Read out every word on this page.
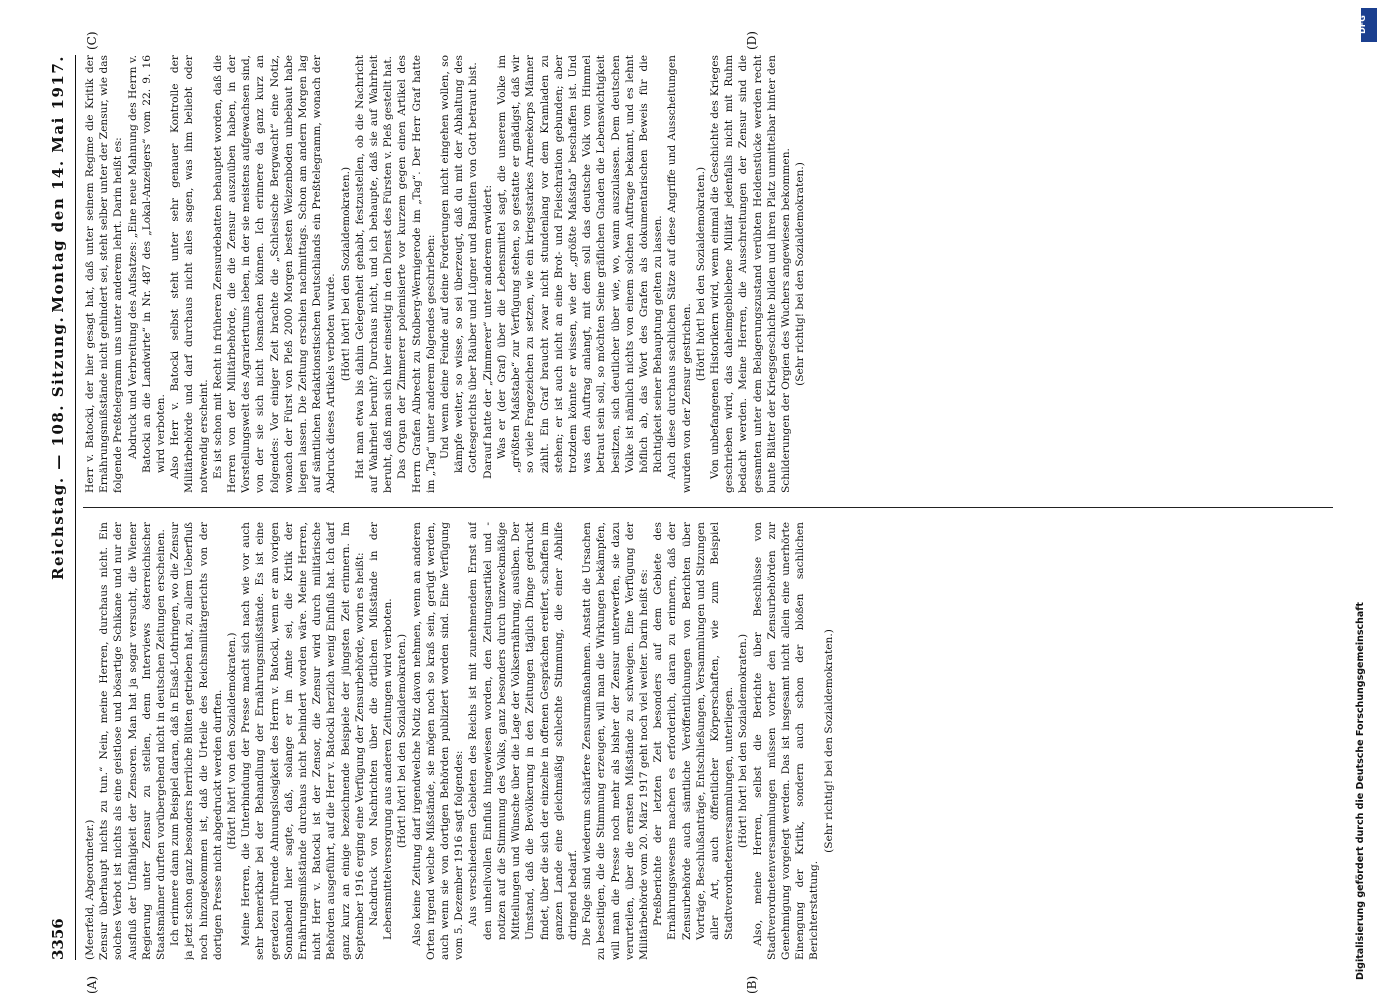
3356
Reichstag. — 108. Sitzung.
Montag den 14. Mai 1917.
(A)	(B)
(C)	(D)

(Meerfeld, Abgeordneter.) Zensur überhaupt nichts zu tun.“ Nein, meine Herren, durchaus nicht. Ein solches Verbot ist nichts als eine geistlose und bösartige Schikane und nur der Ausfluß der Unfähigkeit der Zensoren. Man hat ja sogar versucht, die Wiener Regierung unter Zensur zu stellen, denn Interviews österreichischer Staatsmänner durften vorübergehend nicht in deutschen Zeitungen erscheinen. Ich erinnere dann zum Beispiel daran, daß in Elsaß-Lothringen, wo die Zensur ja jetzt schon ganz besonders herrliche Blüten getrieben hat, zu allem Ueberfluß noch hinzugekommen ist, daß die Urteile des Reichsmilitärgerichts von der dortigen Presse nicht abgedruckt werden durften. (Hört! hört! von den Sozialdemokraten.) Meine Herren, die Unterbindung der Presse macht sich nach wie vor auch sehr bemerkbar bei der Behandlung der Ernährungsmißstände. Es ist eine geradezu rührende Ahnungslosigkeit des Herrn v. Batocki, wenn er am vorigen Sonnabend hier sagte, daß, solange er im Amte sei, die Kritik der Ernährungsmißstände durchaus nicht behindert worden wäre. Meine Herren, nicht Herr v. Batocki ist der Zensor, die Zensur wird durch militärische Behörden ausgeführt, auf die Herr v. Batocki herzlich wenig Einfluß hat. Ich darf ganz kurz an einige bezeichnende Beispiele der jüngsten Zeit erinnern. Im September 1916 erging eine Verfügung der Zensurbehörde, worin es heißt: Nachdruck von Nachrichten über die örtlichen Mißstände in der Lebensmittelversorgung aus anderen Zeitungen wird verboten. (Hört! hört! bei den Sozialdemokraten.) Also keine Zeitung darf irgendwelche Notiz davon nehmen, wenn an anderen Orten irgend welche Mißstände, sie mögen noch so kraß sein, gerügt werden, auch wenn sie von dortigen Behörden publiziert worden sind. Eine Verfügung vom 5. Dezember 1916 sagt folgendes: Aus verschiedenen Gebieten des Reichs ist mit zunehmendem Ernst auf den unheilvollen Einfluß hingewiesen worden, den Zeitungsartikel und -notizen auf die Stimmung des Volks, ganz besonders durch unzweckmäßige Mitteilungen und Wünsche über die Lage der Volksernährung, ausüben. Der Umstand, daß die Bevölkerung in den Zeitungen täglich Dinge gedruckt findet, über die sich der einzelne in offenen Gesprächen ereifert, schaffen im ganzen Lande eine gleichmäßig schlechte Stimmung, die einer Abhilfe dringend bedarf. Die Folge sind wiederum schärfere Zensurmaßnahmen. Anstatt die Ursachen zu beseitigen, die die Stimmung erzeugen, will man die Wirkungen bekämpfen, will man die Presse noch mehr als bisher der Zensur unterwerfen, sie dazu verurteilen, über die ernsten Mißstände zu schweigen. Eine Verfügung der Militärbehörde vom 20. März 1917 geht noch viel weiter. Darin heißt es: Preßberichte der letzten Zeit besonders auf dem Gebiete des Ernährungswesens machen es erforderlich, daran zu erinnern, daß der Zensurbehörde auch sämtliche Veröffentlichungen von Berichten über Vorträge, Beschlußanträge, Entschließungen, Versammlungen und Sitzungen aller Art, auch öffentlicher Körperschaften, wie zum Beispiel Stadtverordnetenversammlungen, unterliegen. (Hört! hört! bei den Sozialdemokraten.) Also, meine Herren, selbst die Berichte über Beschlüsse von Stadtverordnetenversammlungen müssen vorher den Zensurbehörden zur Genehmigung vorgelegt werden. Das ist insgesamt nicht allein eine unerhörte Einengung der Kritik, sondern auch schon der bloßen sachlichen Berichterstattung.

(Sehr richtig! bei den Sozialdemokraten.)

Herr v. Batocki, der hier gesagt hat, daß unter seinem Regime die Kritik der Ernährungsmißstände nicht gehindert sei, steht selber unter der Zensur, wie das folgende Preßtelegramm uns unter anderem lehrt. Darin heißt es: Abdruck und Verbreitung des Aufsatzes: „Eine neue Mahnung des Herrn v. Batocki an die Landwirte“ in Nr. 487 des „Lokal-Anzeigers“ vom 22. 9. 16 wird verboten. Also Herr v. Batocki selbst steht unter sehr genauer Kontrolle der Militärbehörde und darf durchaus nicht alles sagen, was ihm beliebt oder notwendig erscheint. Es ist schon mit Recht in früheren Zensurdebatten behauptet worden, daß die Herren von der Militärbehörde, die die Zensur auszuüben haben, in der Vorstellungswelt des Agrariertums leben, in der sie meistens aufgewachsen sind, von der sie sich nicht losmachen können. Ich erinnere da ganz kurz an folgendes: Vor einiger Zeit brachte die „Schlesische Bergwacht“ eine Notiz, wonach der Fürst von Pleß 2000 Morgen besten Weizenboden unbebaut habe liegen lassen. Die Zeitung erschien nachmittags. Schon am andern Morgen lag auf sämtlichen Redaktionstischen Deutschlands ein Preßtelegramm, wonach der Abdruck dieses Artikels verboten wurde. (Hört! hört! bei den Sozialdemokraten.) Hat man etwa bis dahin Gelegenheit gehabt, festzustellen, ob die Nachricht auf Wahrheit beruht? Durchaus nicht, und ich behaupte, daß sie auf Wahrheit beruht, daß man sich hier einseitig in den Dienst des Fürsten v. Pleß gestellt hat. Das Organ der Zimmerer polemisierte vor kurzem gegen einen Artikel des Herrn Grafen Albrecht zu Stolberg-Wernigerode im „Tag“. Der Herr Graf hatte im „Tag“ unter anderem folgendes geschrieben: Und wenn deine Feinde auf deine Forderungen nicht eingehen wollen, so kämpfe weiter, so wisse, so sei überzeugt, daß du mit der Abhaltung des Gottesgerichts über Räuber und Lügner und Banditen von Gott betraut bist. Darauf hatte der „Zimmerer“ unter anderem erwidert: Was er (der Graf) über die Lebensmittel sagt, die unserem Volke im „größten Maßstabe“ zur Verfügung stehen, so gestatte er gnädigst, daß wir so viele Fragezeichen zu setzen, wie ein kriegsstarkes Armeekorps Männer zählt. Ein Graf braucht zwar nicht stundenlang vor dem Kramladen zu stehen; er ist auch nicht an eine Brot- und Fleischration gebunden; aber trotzdem könnte er wissen, wie der „größte Maßstab“ beschaffen ist. Und was den Auftrag anlangt, mit dem soll das deutsche Volk vom Himmel betraut sein soll, so möchten Seine gräflichen Gnaden die Lebenswichtigkeit besitzen, sich deutlicher über wie, wo, wann auszulassen. Dem deutschen Volke ist nämlich nichts von einem solchen Auftrage bekannt, und es lehnt höflich ab, das Wort des Grafen als dokumentarischen Beweis für die Richtigkeit seiner Behauptung gelten zu lassen. Auch diese durchaus sachlichen Sätze auf diese Angriffe und Ausscheitungen wurden von der Zensur gestrichen.

(Hört! hört! bei den Sozialdemokraten.) Von unbefangenen Historikern wird, wenn einmal die Geschichte des Krieges geschrieben wird, das daheimgebliebene Militär jedenfalls nicht mit Ruhm bedacht werden. Meine Herren, die Ausschreitungen der Zensur sind die gesamten unter dem Belagerungszustand verübten Heldenstücke werden recht bunte Blätter der Kriegsgeschichte bilden und ihren Platz unmittelbar hinter den Schilderungen der Orgien des Wuchers angewiesen bekommen. (Sehr richtig! bei den Sozialdemokraten.)

DFG
Digitalisierung gefördert durch die Deutsche Forschungsgemeinschaft
